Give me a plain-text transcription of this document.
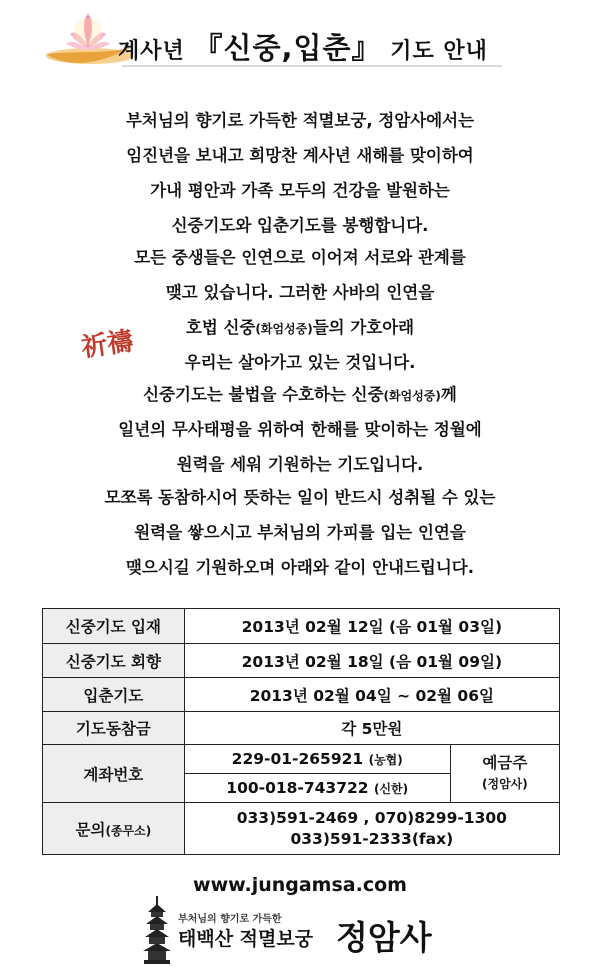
계사년 『신중,입춘』 기도 안내
부처님의 향기로 가득한 적멸보궁, 정암사에서는
임진년을 보내고 희망찬 계사년 새해를 맞이하여
가내 평안과 가족 모두의 건강을 발원하는
신중기도와 입춘기도를 봉행합니다.
모든 중생들은 인연으로 이어져 서로와 관계를
맺고 있습니다. 그러한 사바의 인연을
호법 신중(화엄성중)들의 가호아래
우리는 살아가고 있는 것입니다.
祈禱
신중기도는 불법을 수호하는 신중(화엄성중)께
일년의 무사태평을 위하여 한해를 맞이하는 정월에
원력을 세워 기원하는 기도입니다.
모쪼록 동참하시어 뜻하는 일이 반드시 성취될 수 있는
원력을 쌓으시고 부처님의 가피를 입는 인연을
맺으시길 기원하오며 아래와 같이 안내드립니다.
신중기도 입재	2013년 02월 12일 (음 01월 03일)	
신중기도 회향	2013년 02월 18일 (음 01월 09일)	
입춘기도	2013년 02월 04일 ~ 02월 06일	
기도동참금	각 5만원	
계좌번호	229-01-265921 (농협)	예금주
(정암사)

	100-018-743722 (신한)	
문의(종무소)	033)591-2469 , 070)8299-1300
033)591-2333(fax)	
www.jungamsa.com
부처님의 향기로 가득한
태백산 적멸보궁 정암사
